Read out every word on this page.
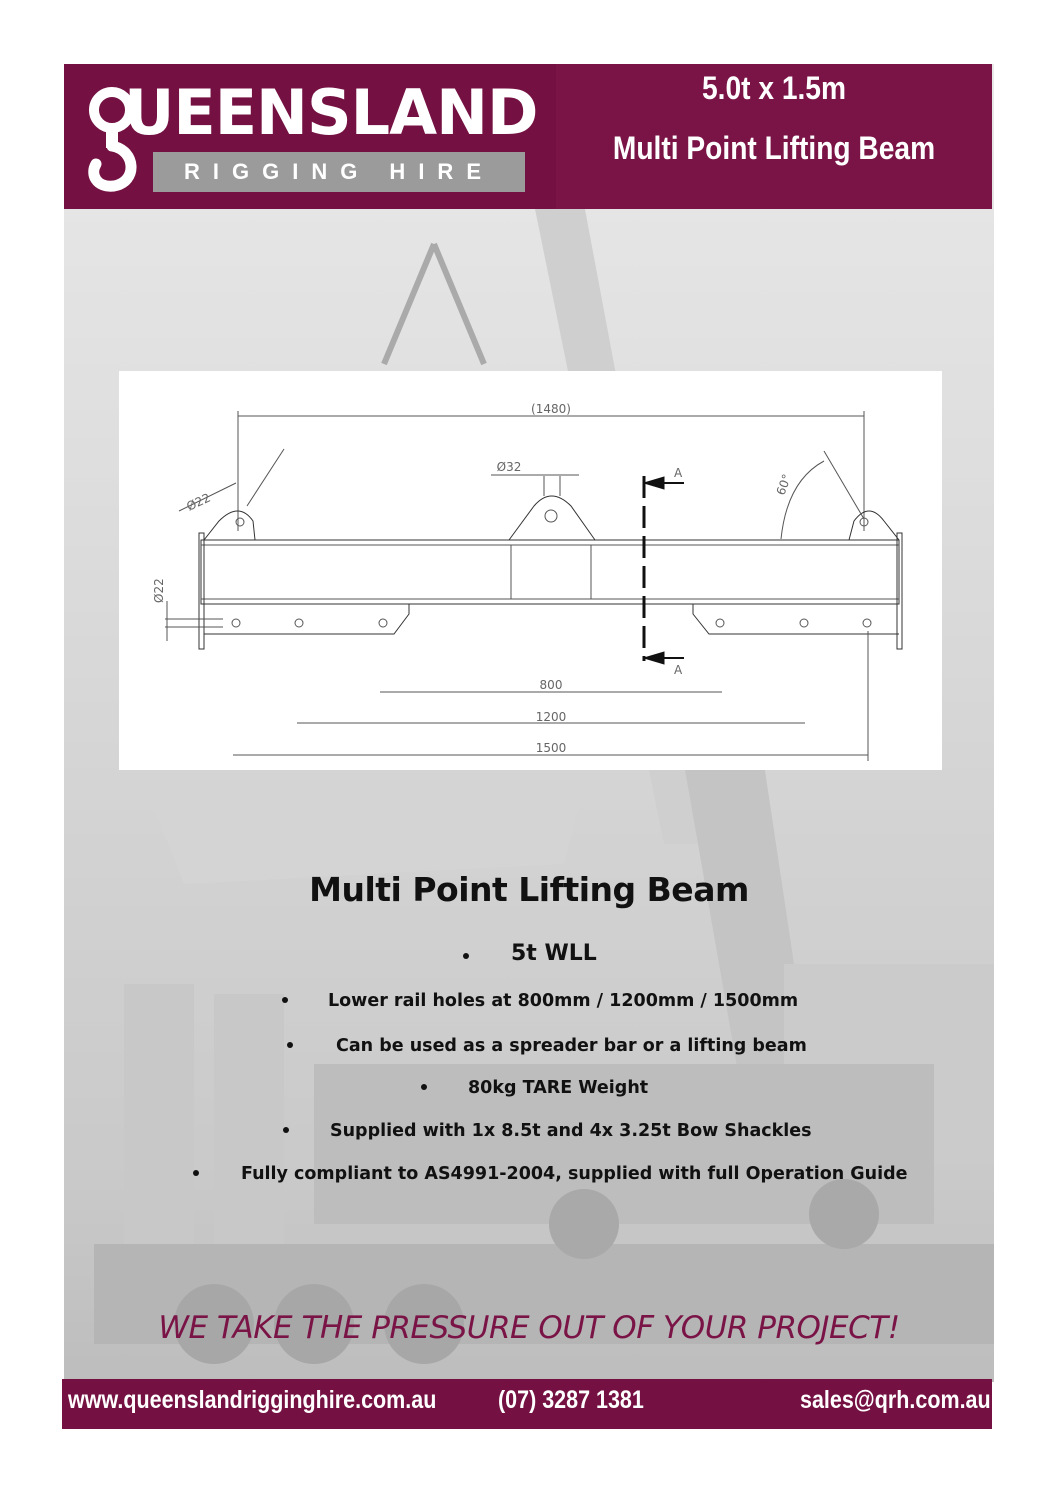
UEENSLAND
RIGGING HIRE
5.0t x 1.5m
Multi Point Lifting Beam
(1480)
Ø32
Ø22
Ø22
60°
A
A
800
1200
1500
Multi Point Lifting Beam
5t WLL
Lower rail holes at 800mm / 1200mm / 1500mm
Can be used as a spreader bar or a lifting beam
80kg TARE Weight
Supplied with 1x 8.5t and 4x 3.25t Bow Shackles
Fully compliant to AS4991-2004, supplied with full Operation Guide
WE TAKE THE PRESSURE OUT OF YOUR PROJECT!
www.queenslandrigginghire.com.au (07) 3287 1381	sales@qrh.com.au
